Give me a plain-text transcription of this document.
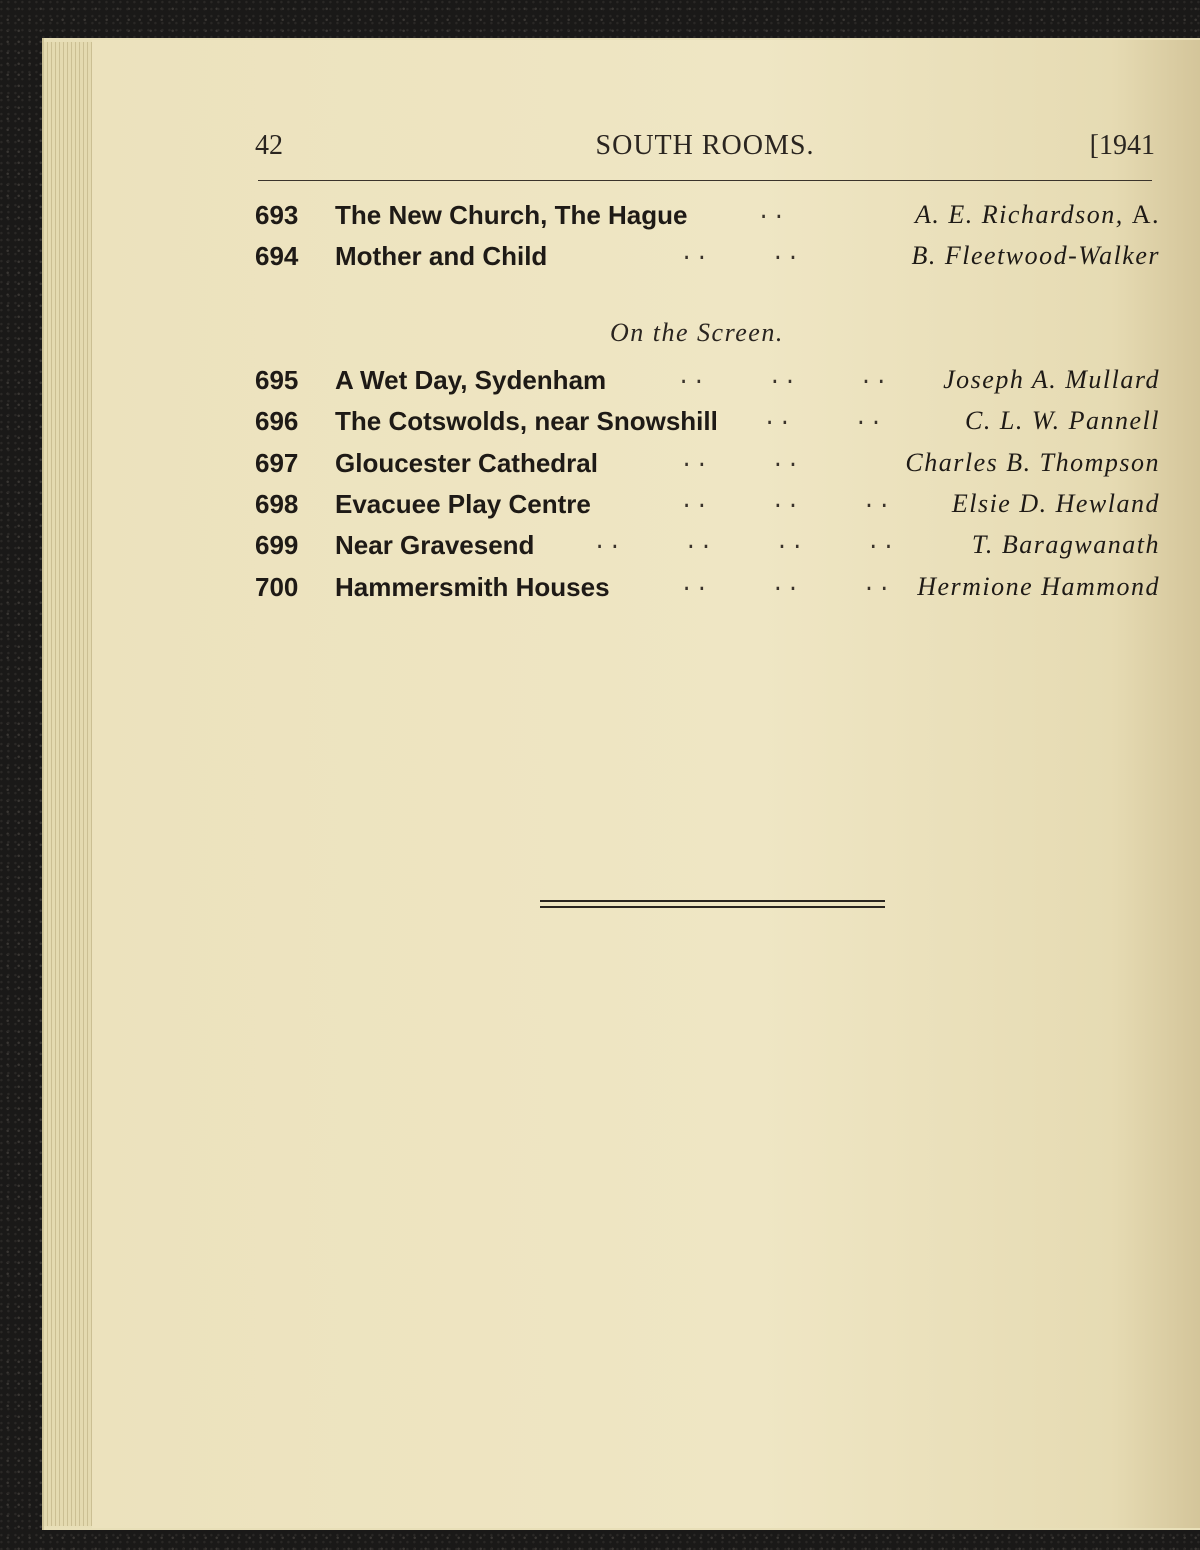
42	SOUTH ROOMS.	[1941
693 The New Church, The Hague	..	A. E. Richardson, A.
694 Mother and Child	..    ..	B. Fleetwood-Walker
On the Screen.
695 A Wet Day, Sydenham	..    ..    .. Joseph A. Mullard
696 The Cotswolds, near Snowshill ..    ..	C. L. W. Pannell
697 Gloucester Cathedral	..    ..	Charles B. Thompson
698 Evacuee Play Centre	..    ..    .. Elsie D. Hewland
699 Near Gravesend	..    ..    ..    ..	T. Baragwanath
700 Hammersmith Houses	..    ..    .. Hermione Hammond
